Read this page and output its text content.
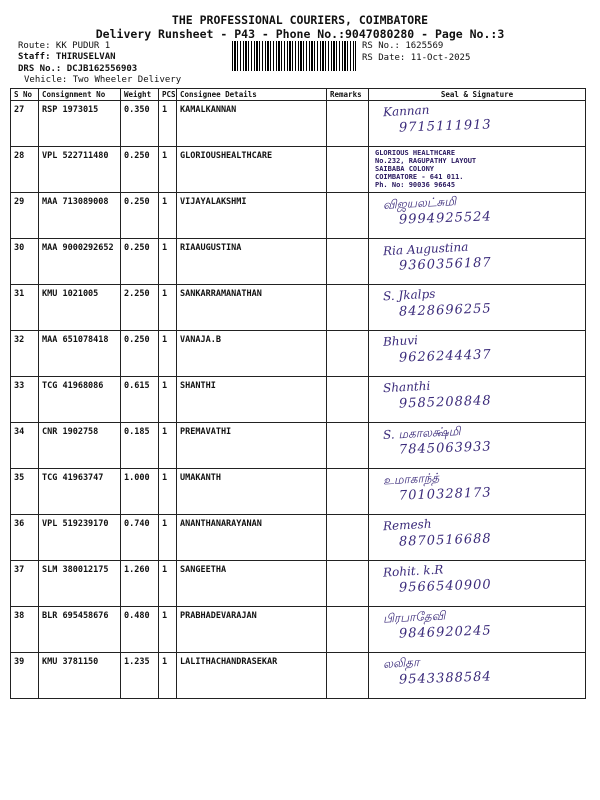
THE PROFESSIONAL COURIERS, COIMBATORE
Delivery Runsheet - P43 - Phone No.:9047080280 - Page No.:3
Route: KK PUDUR 1
Staff: THIRUSELVAN
DRS No.: DCJB162556903
Vehicle: Two Wheeler Delivery
RS No.: 1625569
RS Date: 11-Oct-2025
S No	Consignment No	Weight	PCS	Consignee Details	Remarks	Seal & Signature
27	RSP 1973015	0.350	1	KAMALKANNAN		Kannan
9715111913

28	VPL 522711480	0.250	1	GLORIOUSHEALTHCARE		GLORIOUS HEALTHCARE
No.232, RAGUPATHY LAYOUT
SAIBABA COLONY
COIMBATORE - 641 011.
Ph. No: 90036 96645

29	MAA 713089008	0.250	1	VIJAYALAKSHMI		விஜயலட்சுமி
9994925524

30	MAA 9000292652	0.250	1	RIAAUGUSTINA		Ria Augustina
9360356187

31	KMU 1021005	2.250	1	SANKARRAMANATHAN		S. Jkalps
8428696255

32	MAA 651078418	0.250	1	VANAJA.B		Bhuvi
9626244437

33	TCG 41968086	0.615	1	SHANTHI		Shanthi
9585208848

34	CNR 1902758	0.185	1	PREMAVATHI		S. மகாலக்ஷ்மி
7845063933

35	TCG 41963747	1.000	1	UMAKANTH		உமாகாந்த்
7010328173

36	VPL 519239170	0.740	1	ANANTHANARAYANAN		Remesh
8870516688

37	SLM 380012175	1.260	1	SANGEETHA		Rohit. k.R
9566540900

38	BLR 695458676	0.480	1	PRABHADEVARAJAN		பிரபாதேவி
9846920245

39	KMU 3781150	1.235	1	LALITHACHANDRASEKAR		லலிதா
9543388584
